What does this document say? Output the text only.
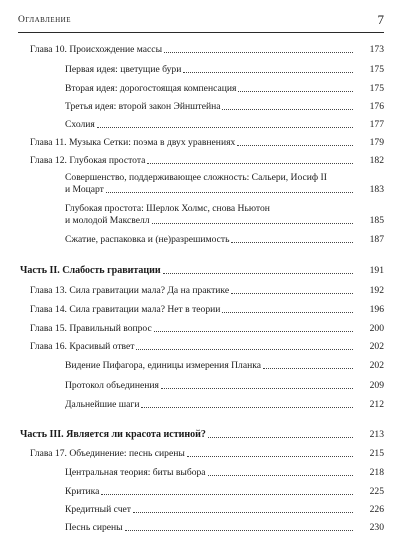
Оглавление	7
Глава 10. Происхождение массы	173
Первая идея: цветущие бури	175
Вторая идея: дорогостоящая компенсация	175
Третья идея: второй закон Эйнштейна	176
Схолия	177
Глава 11. Музыка Сетки: поэма в двух уравнениях	179
Глава 12. Глубокая простота	182
Совершенство, поддерживающее сложность: Сальери, Иосиф II
и Моцарт	183
Глубокая простота: Шерлок Холмс, снова Ньютон
и молодой Максвелл	185
Сжатие, распаковка и (не)разрешимость	187
Часть II. Слабость гравитации	191
Глава 13. Сила гравитации мала? Да на практике	192
Глава 14. Сила гравитации мала? Нет в теории	196
Глава 15. Правильный вопрос	200
Глава 16. Красивый ответ	202
Видение Пифагора, единицы измерения Планка	202
Протокол объединения	209
Дальнейшие шаги	212
Часть III. Является ли красота истиной?	213
Глава 17. Объединение: песнь сирены	215
Центральная теория: биты выбора	218
Критика	225
Кредитный счет	226
Песнь сирены	230
